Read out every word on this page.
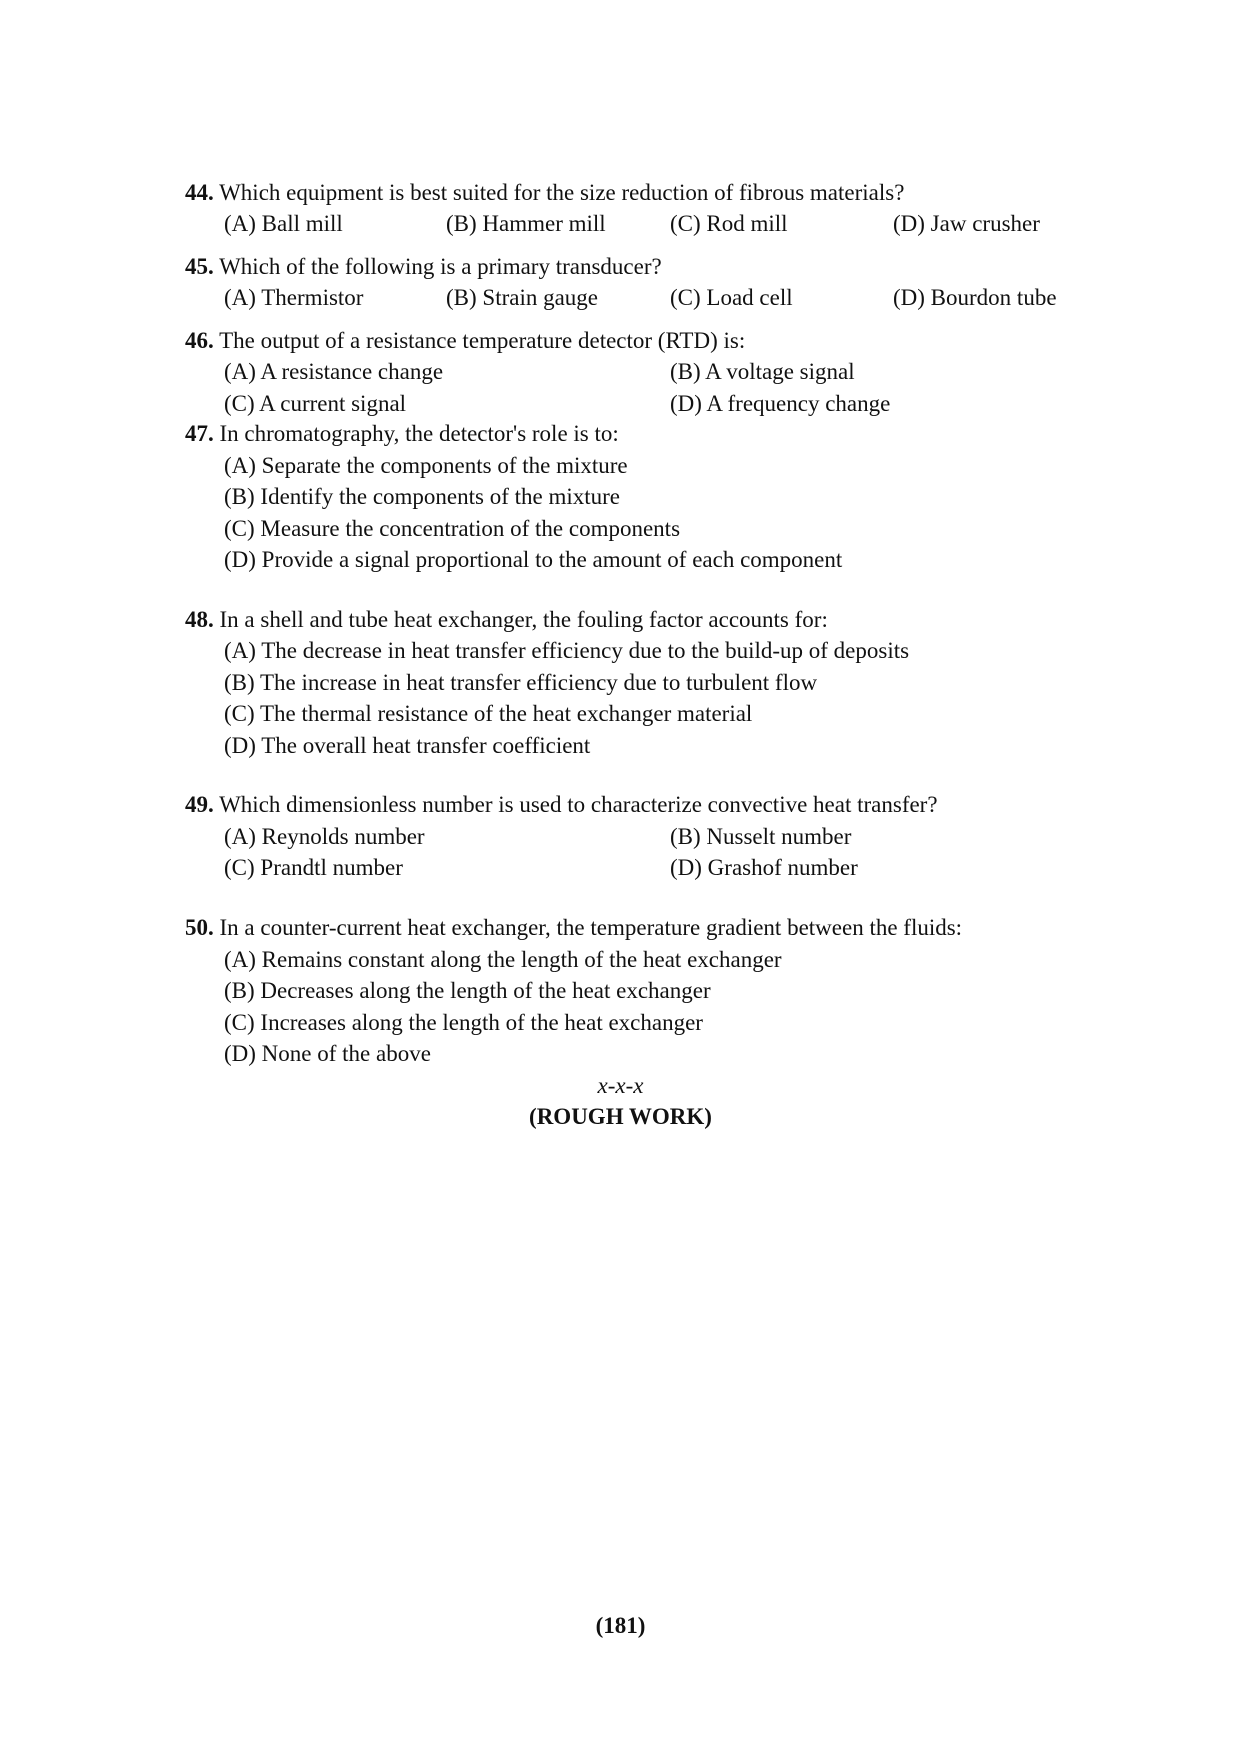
44. Which equipment is best suited for the size reduction of fibrous materials?
(A) Ball mill	(B) Hammer mill	(C) Rod mill	(D) Jaw crusher
45. Which of the following is a primary transducer?
(A) Thermistor	(B) Strain gauge	(C) Load cell	(D) Bourdon tube
46. The output of a resistance temperature detector (RTD) is:
(A) A resistance change	(B) A voltage signal
(C) A current signal	(D) A frequency change
47. In chromatography, the detector's role is to:
(A) Separate the components of the mixture
(B) Identify the components of the mixture
(C) Measure the concentration of the components
(D) Provide a signal proportional to the amount of each component
48. In a shell and tube heat exchanger, the fouling factor accounts for:
(A) The decrease in heat transfer efficiency due to the build-up of deposits
(B) The increase in heat transfer efficiency due to turbulent flow
(C) The thermal resistance of the heat exchanger material
(D) The overall heat transfer coefficient
49. Which dimensionless number is used to characterize convective heat transfer?
(A) Reynolds number	(B) Nusselt number
(C) Prandtl number	(D) Grashof number
50. In a counter-current heat exchanger, the temperature gradient between the fluids:
(A) Remains constant along the length of the heat exchanger
(B) Decreases along the length of the heat exchanger
(C) Increases along the length of the heat exchanger
(D) None of the above
x-x-x
(ROUGH WORK)
(181)
